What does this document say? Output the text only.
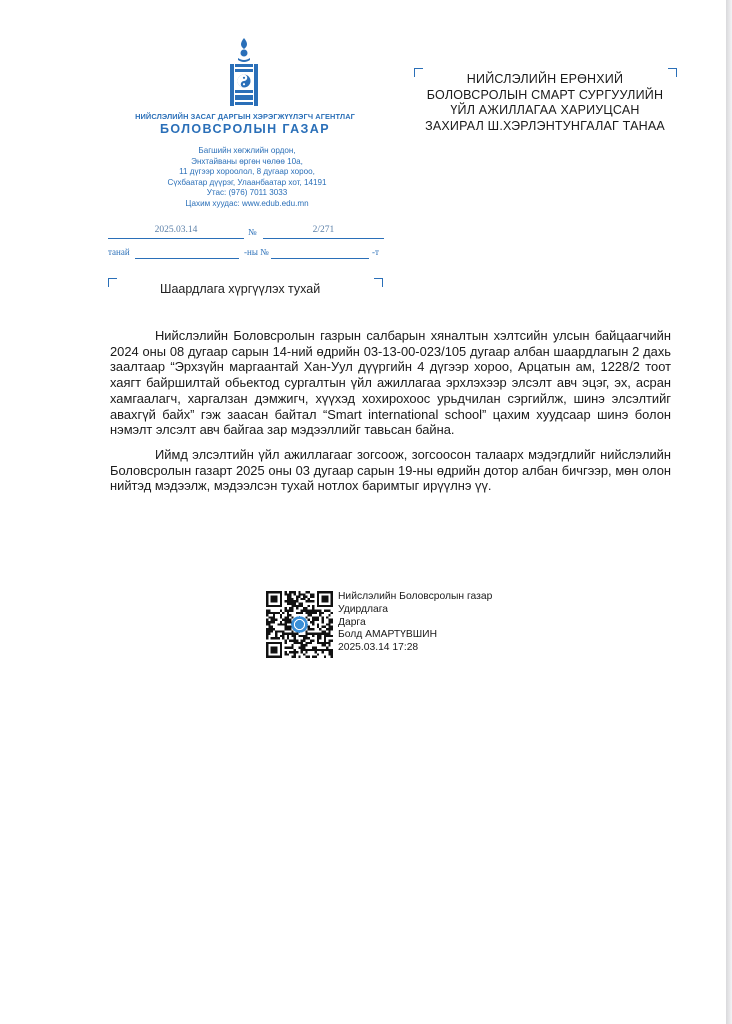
НИЙСЛЭЛИЙН ЗАСАГ ДАРГЫН ХЭРЭГЖҮҮЛЭГЧ АГЕНТЛАГ
БОЛОВСРОЛЫН ГАЗАР
Багшийн хөгжлийн ордон,
Энхтайваны өргөн чөлөө 10а,
11 дүгээр хороолол, 8 дугаар хороо,
Сүхбаатар дүүрэг, Улаанбаатар хот, 14191
Утас: (976) 7011 3033
Цахим хуудас: www.edub.edu.mn
2025.03.14	№	2/271
танай	-ны №	-т
Шаардлага хүргүүлэх тухай
НИЙСЛЭЛИЙН ЕРӨНХИЙ
БОЛОВСРОЛЫН СМАРТ СУРГУУЛИЙН
ҮЙЛ АЖИЛЛАГАА ХАРИУЦСАН
ЗАХИРАЛ Ш.ХЭРЛЭНТУНГАЛАГ ТАНАА

Нийслэлийн Боловсролын газрын салбарын хяналтын хэлтсийн улсын байцаагчийн 2024 оны 08 дугаар сарын 14-ний өдрийн 03-13-00-023/105 дугаар албан шаардлагын 2 дахь заалтаар “Эрхзүйн маргаантай Хан-Уул дүүргийн 4 дүгээр хороо, Арцатын ам, 1228/2 тоот хаягт байршилтай обьектод сургалтын үйл ажиллагаа эрхлэхээр элсэлт авч эцэг, эх, асран хамгаалагч, харгалзан дэмжигч, хүүхэд хохирохоос урьдчилан сэргийлж, шинэ элсэлтийг авахгүй байх” гэж заасан байтал “Smart international school” цахим хуудсаар шинэ болон нэмэлт элсэлт авч байгаа зар мэдээллийг тавьсан байна.

Иймд элсэлтийн үйл ажиллагааг зогсоож, зогсоосон талаарх мэдэгдлийг нийслэлийн Боловсролын газарт 2025 оны 03 дугаар сарын 19-ны өдрийн дотор албан бичгээр, мөн олон нийтэд мэдээлж, мэдээлсэн тухай нотлох баримтыг ирүүлнэ үү.

Нийслэлийн Боловсролын газар
Удирдлага
Дарга
Болд АМАРТҮВШИН
2025.03.14 17:28
